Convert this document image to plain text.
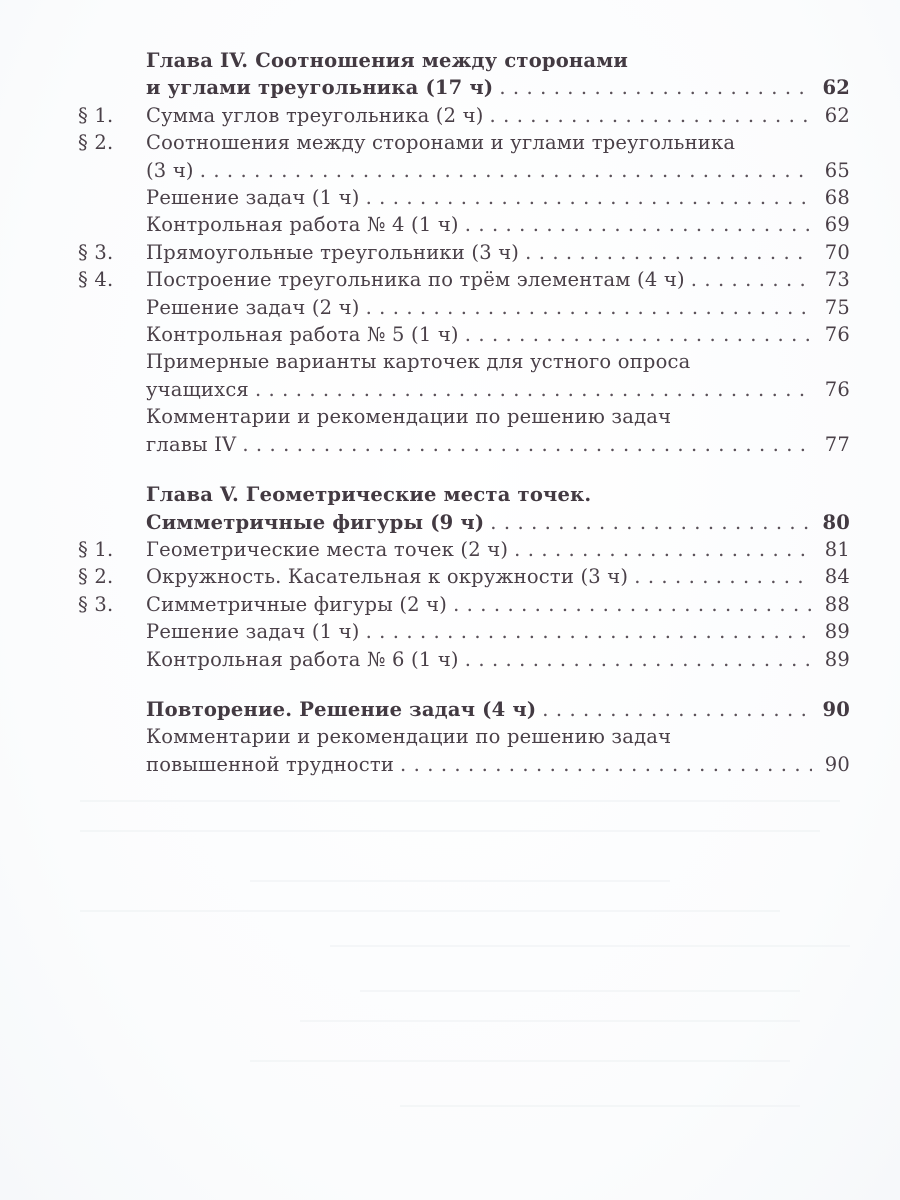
Глава IV. Соотношения между сторонами
и углами треугольника (17 ч) . . .	62
§ 1.	Сумма углов треугольника (2 ч) . . .	62
§ 2.	Соотношения между сторонами и углами треугольника
(3 ч) . . .	65
Решение задач (1 ч) . . .	68
Контрольная работа № 4 (1 ч) . . .	69
§ 3.	Прямоугольные треугольники (3 ч) . . .	70
§ 4.	Построение треугольника по трём элементам (4 ч) . . .	73
Решение задач (2 ч) . . .	75
Контрольная работа № 5 (1 ч) . . .	76
Примерные варианты карточек для устного опроса
учащихся . . .	76
Комментарии и рекомендации по решению задач
главы IV . . .	77
Глава V. Геометрические места точек.
Симметричные фигуры (9 ч) . . .	80
§ 1.	Геометрические места точек (2 ч) . . .	81
§ 2.	Окружность. Касательная к окружности (3 ч) . . .	84
§ 3.	Симметричные фигуры (2 ч) . . .	88
Решение задач (1 ч) . . .	89
Контрольная работа № 6 (1 ч) . . .	89
Повторение. Решение задач (4 ч) . . .	90
Комментарии и рекомендации по решению задач
повышенной трудности . . .	90
